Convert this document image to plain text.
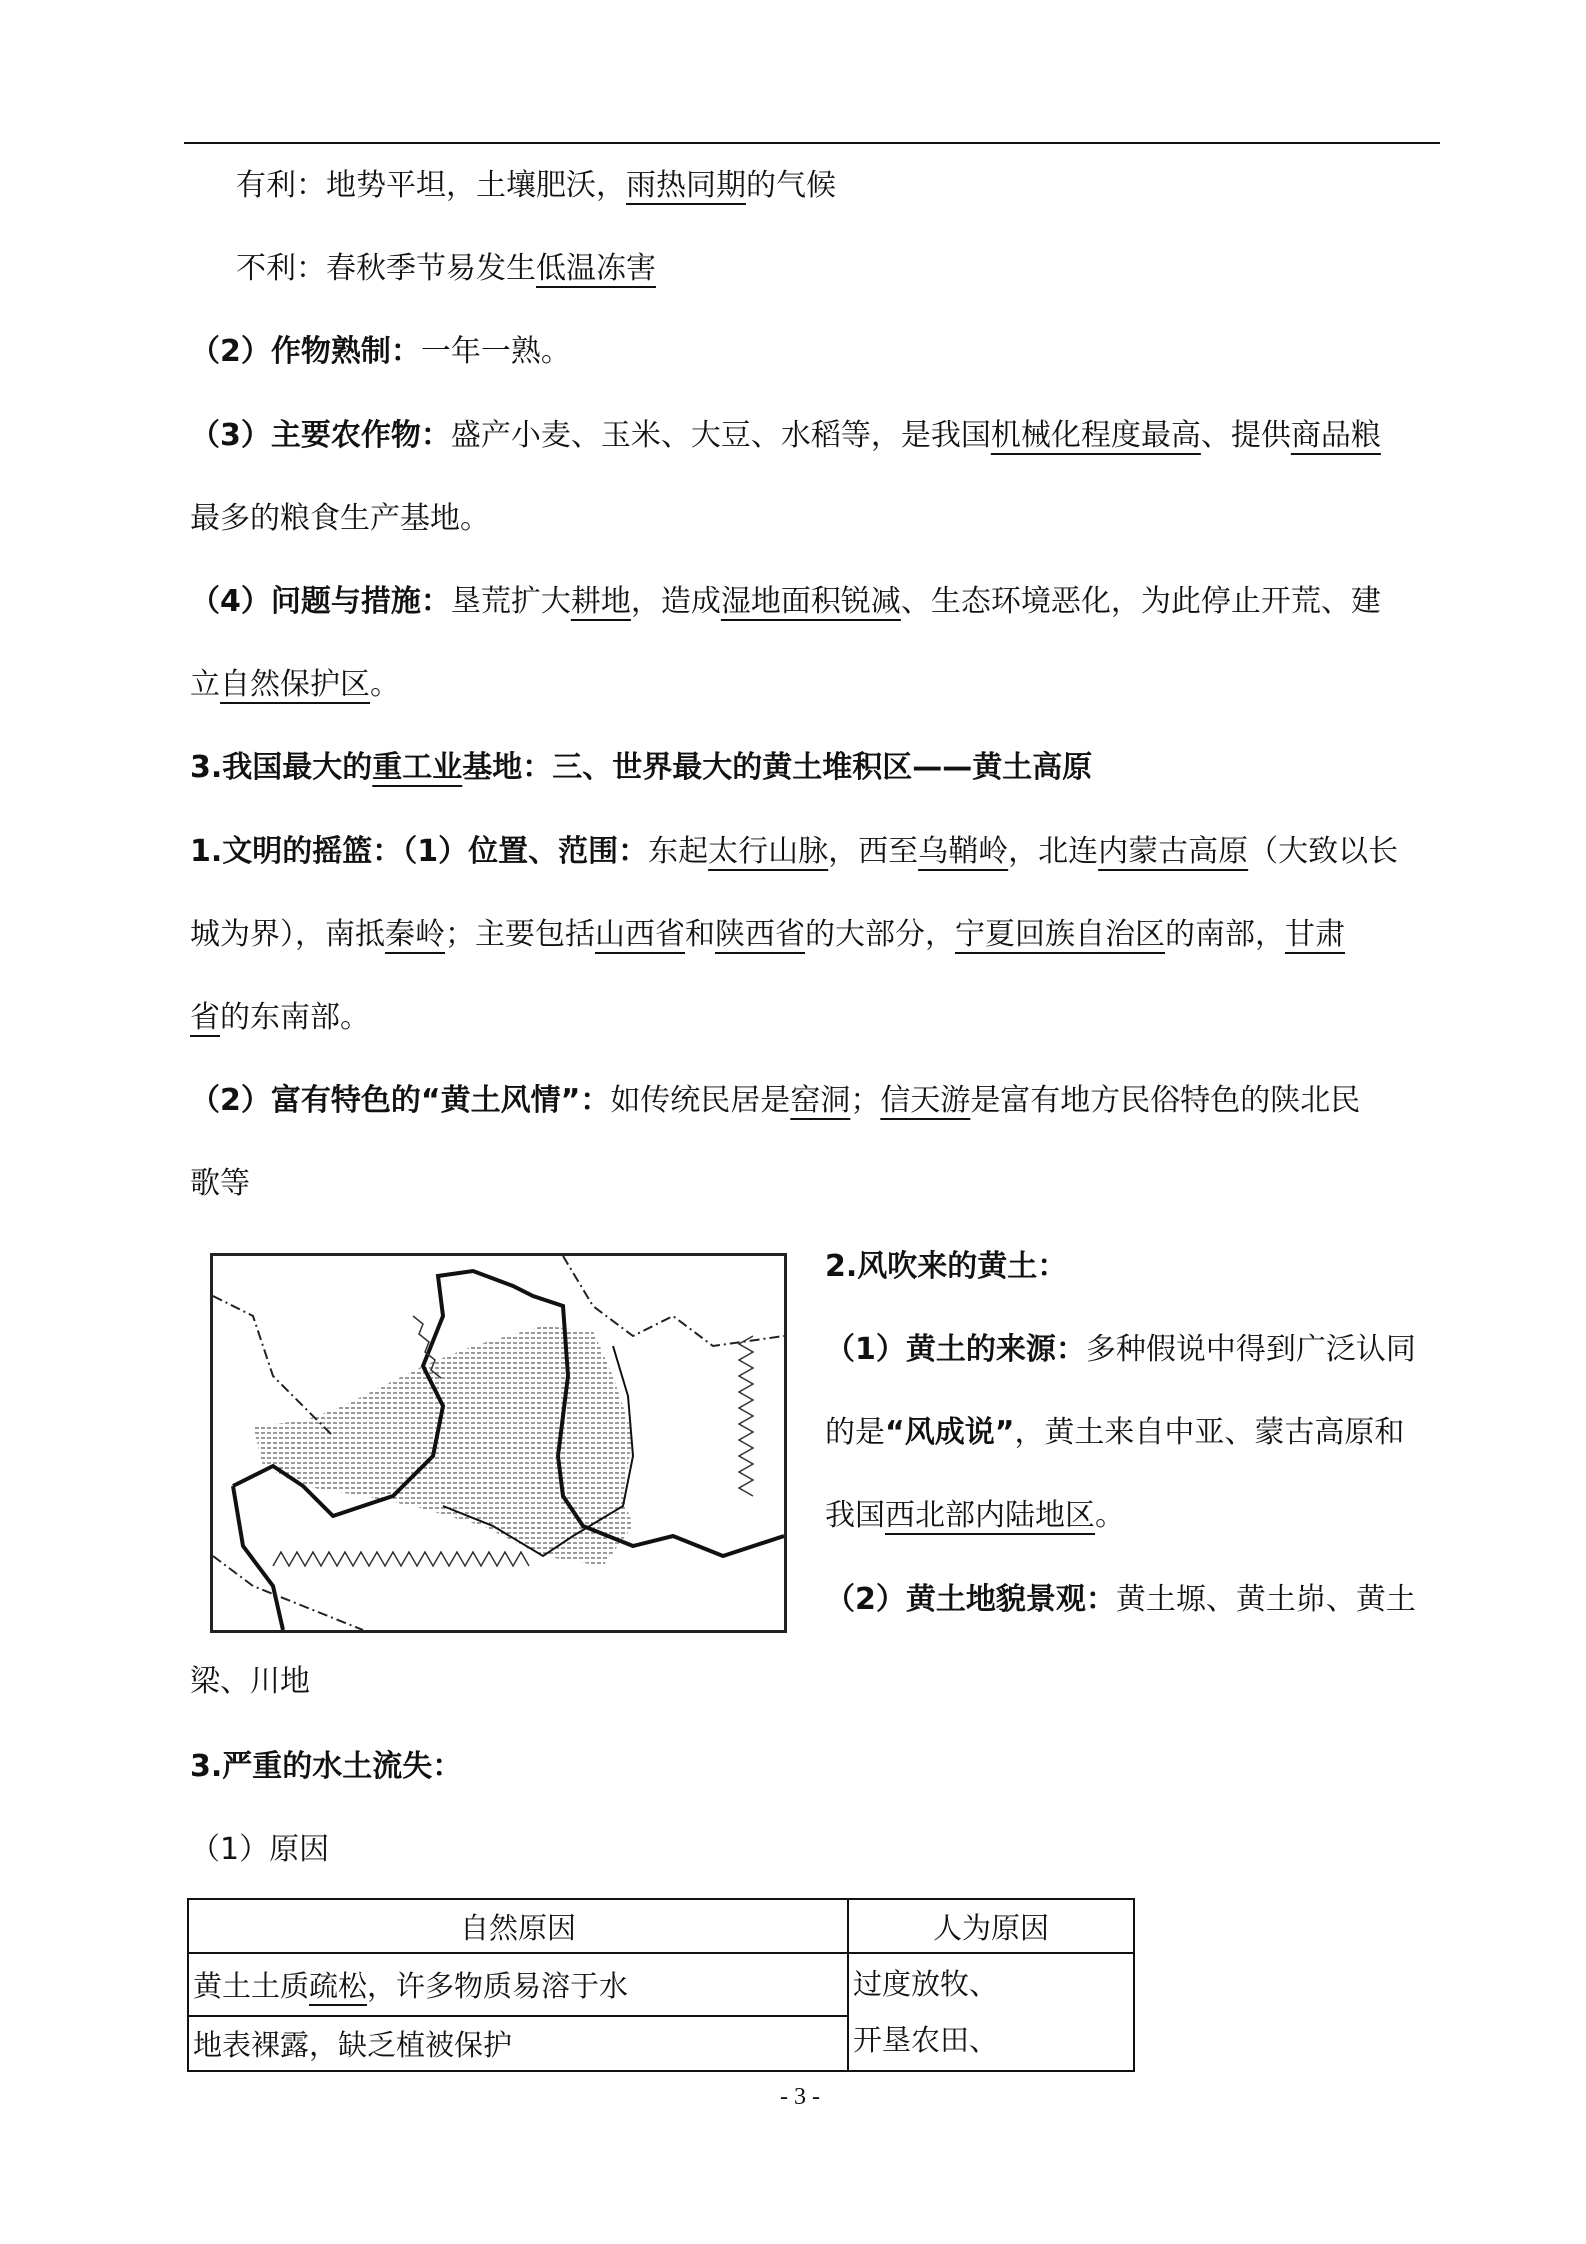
有利：地势平坦，土壤肥沃，雨热同期的气候
不利：春秋季节易发生低温冻害
（2）作物熟制：一年一熟。
（3）主要农作物：盛产小麦、玉米、大豆、水稻等，是我国机械化程度最高、提供商品粮
最多的粮食生产基地。
（4）问题与措施：垦荒扩大耕地，造成湿地面积锐减、生态环境恶化，为此停止开荒、建
立自然保护区。
3.我国最大的重工业基地：三、世界最大的黄土堆积区——黄土高原
1.文明的摇篮：（1）位置、范围：东起太行山脉，西至乌鞘岭，北连内蒙古高原（大致以长
城为界），南抵秦岭；主要包括山西省和陕西省的大部分，宁夏回族自治区的南部，甘肃
省的东南部。
（2）富有特色的“黄土风情”：如传统民居是窑洞；信天游是富有地方民俗特色的陕北民
歌等
2.风吹来的黄土：
（1）黄土的来源：多种假说中得到广泛认同
的是“风成说”，黄土来自中亚、蒙古高原和
我国西北部内陆地区。
（2）黄土地貌景观：黄土塬、黄土峁、黄土
梁、川地
3.严重的水土流失：
（1）原因
自然原因	人为原因
黄土土质疏松，许多物质易溶于水	过度放牧、
开垦农田、

地表裸露，缺乏植被保护	
- 3 -
